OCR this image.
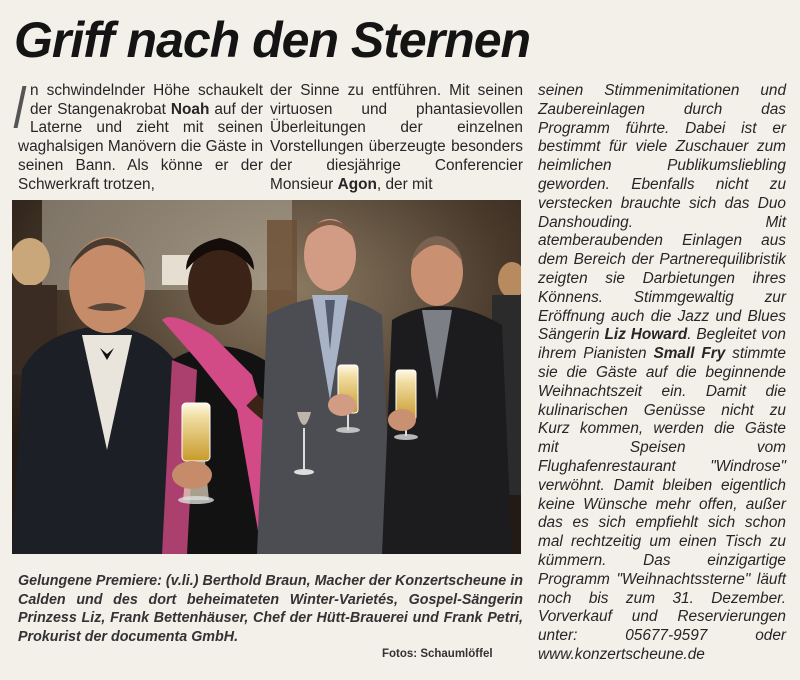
Griff nach den Sternen
n schwindelnder Höhe schaukelt der Stangenakrobat Noah auf der Laterne und zieht mit seinen waghalsigen Manövern die Gäste in seinen Bann. Als könne er der Schwerkraft trotzen,
der Sinne zu entführen. Mit seinen virtuosen und phantasievollen Überleitungen der einzelnen Vorstellungen überzeugte besonders der diesjährige Conferencier Monsieur Agon, der mit
seinen Stimmenimitationen und Zaubereinlagen durch das Programm führte. Dabei ist er bestimmt für viele Zuschauer zum heimlichen Publikumsliebling geworden. Ebenfalls nicht zu verstecken brauchte sich das Duo Danshouding. Mit atemberaubenden Einlagen aus dem Bereich der Partnerequilibristik zeigten sie Darbietungen ihres Könnens. Stimmgewaltig zur Eröffnung auch die Jazz und Blues Sängerin Liz Howard. Begleitet von ihrem Pianisten Small Fry stimmte sie die Gäste auf die beginnende Weihnachtszeit ein. Damit die kulinarischen Genüsse nicht zu Kurz kommen, werden die Gäste mit Speisen vom Flughafenrestaurant "Windrose" verwöhnt. Damit bleiben eigentlich keine Wünsche mehr offen, außer das es sich empfiehlt sich schon mal rechtzeitig um einen Tisch zu kümmern. Das einzigartige Programm "Weihnachtssterne" läuft noch bis zum 31. Dezember. Vorverkauf und Reservierungen unter: 05677-9597 oder www.konzertscheune.de
Gelungene Premiere: (v.li.) Berthold Braun, Macher der Konzertscheune in Calden und des dort beheimateten Winter-Varietés, Gospel-Sängerin Prinzess Liz, Frank Bettenhäuser, Chef der Hütt-Brauerei und Frank Petri, Prokurist der documenta GmbH.
Fotos: Schaumlöffel
